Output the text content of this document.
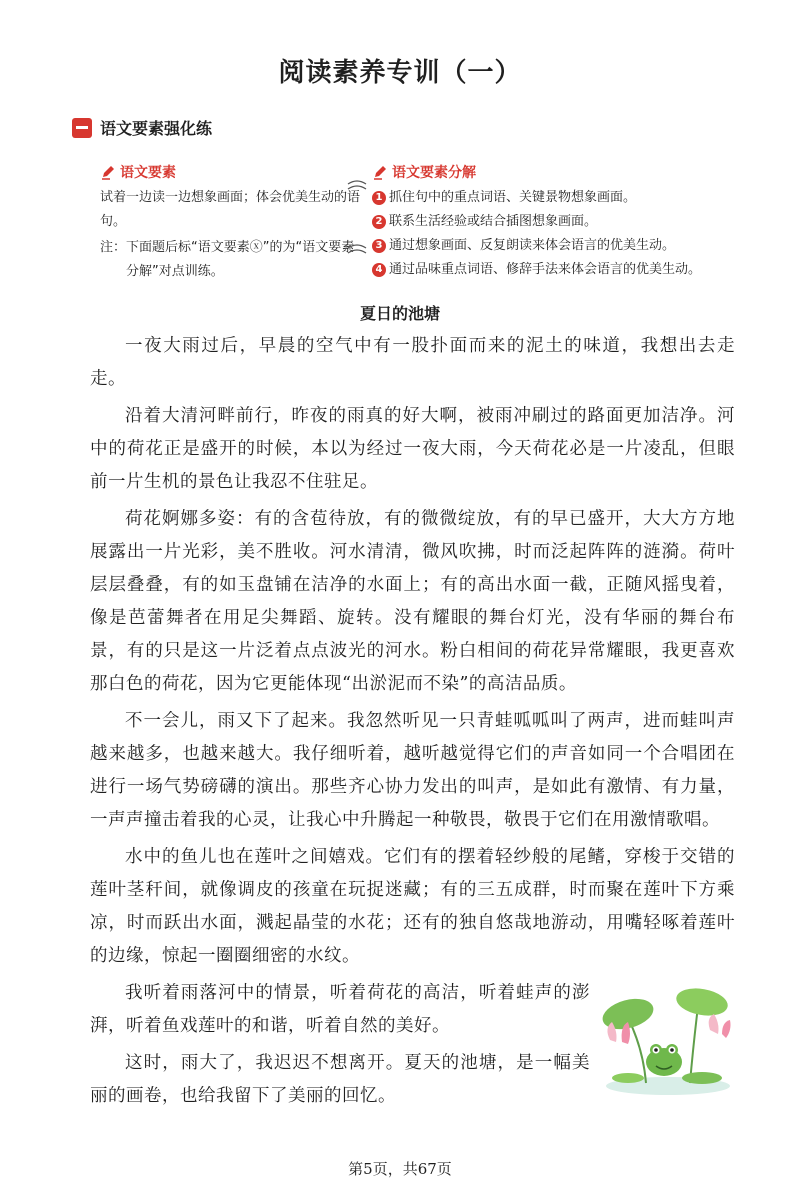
阅读素养专训（一）
语文要素强化练
语文要素
试着一边读一边想象画面；体会优美生动的语句。
注： 下面题后标“语文要素ⓧ”的为“语文要素分解”对点训练。
语文要素分解
1 抓住句中的重点词语、关键景物想象画面。
2 联系生活经验或结合插图想象画面。
3 通过想象画面、反复朗读来体会语言的优美生动。
4 通过品味重点词语、修辞手法来体会语言的优美生动。
夏日的池塘

一夜大雨过后，早晨的空气中有一股扑面而来的泥土的味道，我想出去走走。

沿着大清河畔前行，昨夜的雨真的好大啊，被雨冲刷过的路面更加洁净。河中的荷花正是盛开的时候，本以为经过一夜大雨，今天荷花必是一片凌乱，但眼前一片生机的景色让我忍不住驻足。

荷花婀娜多姿：有的含苞待放，有的微微绽放，有的早已盛开，大大方方地展露出一片光彩，美不胜收。河水清清，微风吹拂，时而泛起阵阵的涟漪。荷叶层层叠叠，有的如玉盘铺在洁净的水面上；有的高出水面一截，正随风摇曳着，像是芭蕾舞者在用足尖舞蹈、旋转。没有耀眼的舞台灯光，没有华丽的舞台布景，有的只是这一片泛着点点波光的河水。粉白相间的荷花异常耀眼，我更喜欢那白色的荷花，因为它更能体现“出淤泥而不染”的高洁品质。

不一会儿，雨又下了起来。我忽然听见一只青蛙呱呱叫了两声，进而蛙叫声越来越多，也越来越大。我仔细听着，越听越觉得它们的声音如同一个合唱团在进行一场气势磅礴的演出。那些齐心协力发出的叫声，是如此有激情、有力量，一声声撞击着我的心灵，让我心中升腾起一种敬畏，敬畏于它们在用激情歌唱。

水中的鱼儿也在莲叶之间嬉戏。它们有的摆着轻纱般的尾鳍，穿梭于交错的莲叶茎秆间，就像调皮的孩童在玩捉迷藏；有的三五成群，时而聚在莲叶下方乘凉，时而跃出水面，溅起晶莹的水花；还有的独自悠哉地游动，用嘴轻啄着莲叶的边缘，惊起一圈圈细密的水纹。

我听着雨落河中的情景，听着荷花的高洁，听着蛙声的澎湃，听着鱼戏莲叶的和谐，听着自然的美好。

这时，雨大了，我迟迟不想离开。夏天的池塘，是一幅美丽的画卷，也给我留下了美丽的回忆。

第5页，共67页
